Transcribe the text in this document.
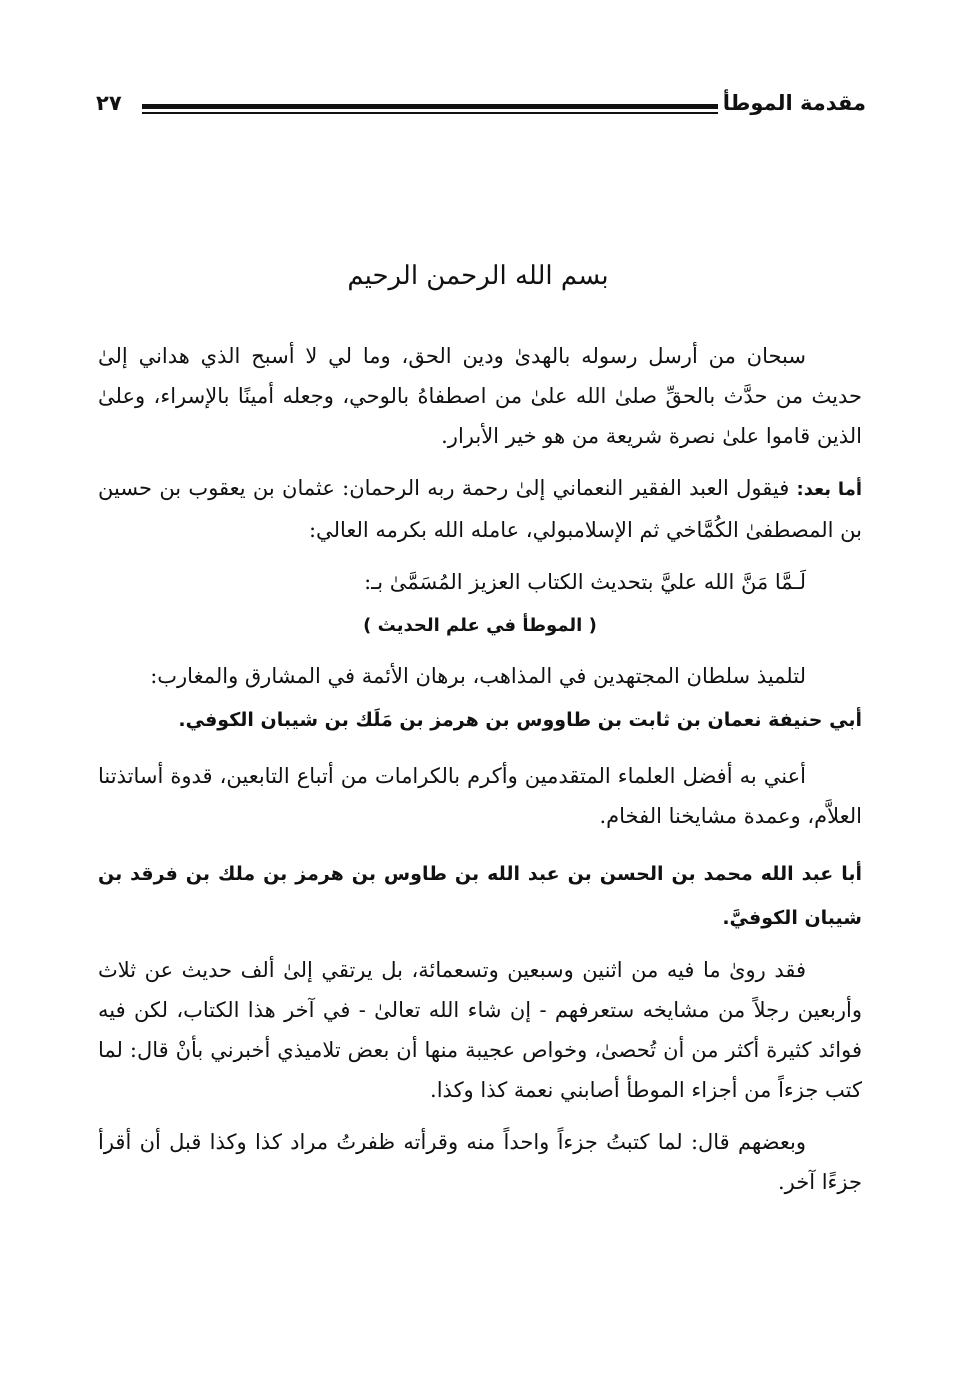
مقدمة الموطأ
٢٧
بسم الله الرحمن الرحيم

سبحان من أرسل رسوله بالهدىٰ ودين الحق، وما لي لا أسبح الذي هداني إلىٰ حديث من حدَّث بالحقِّ صلىٰ الله علىٰ من اصطفاهُ بالوحي، وجعله أمينًا بالإسراء، وعلىٰ الذين قاموا علىٰ نصرة شريعة من هو خير الأبرار.

أما بعد: فيقول العبد الفقير النعماني إلىٰ رحمة ربه الرحمان: عثمان بن يعقوب بن حسين بن المصطفىٰ الكُمَّاخي ثم الإسلامبولي، عامله الله بكرمه العالي:

لَـمَّا مَنَّ الله عليَّ بتحديث الكتاب العزيز المُسَمَّىٰ بـ:

( الموطأ في علم الحديث )

لتلميذ سلطان المجتهدين في المذاهب، برهان الأئمة في المشارق والمغارب:

أبي حنيفة نعمان بن ثابت بن طاووس بن هرمز بن مَلَك بن شيبان الكوفي.

أعني به أفضل العلماء المتقدمين وأكرم بالكرامات من أتباع التابعين، قدوة أساتذتنا العلاَّم، وعمدة مشايخنا الفخام.

أبا عبد الله محمد بن الحسن بن عبد الله بن طاوس بن هرمز بن ملك بن فرقد بن شيبان الكوفيَّ.

فقد روىٰ ما فيه من اثنين وسبعين وتسعمائة، بل يرتقي إلىٰ ألف حديث عن ثلاث وأربعين رجلاً من مشايخه ستعرفهم - إن شاء الله تعالىٰ - في آخر هذا الكتاب، لكن فيه فوائد كثيرة أكثر من أن تُحصىٰ، وخواص عجيبة منها أن بعض تلاميذي أخبرني بأنْ قال: لما كتب جزءاً من أجزاء الموطأ أصابني نعمة كذا وكذا.

وبعضهم قال: لما كتبتُ جزءاً واحداً منه وقرأته ظفرتُ مراد كذا وكذا قبل أن أقرأ جزءًا آخر.
